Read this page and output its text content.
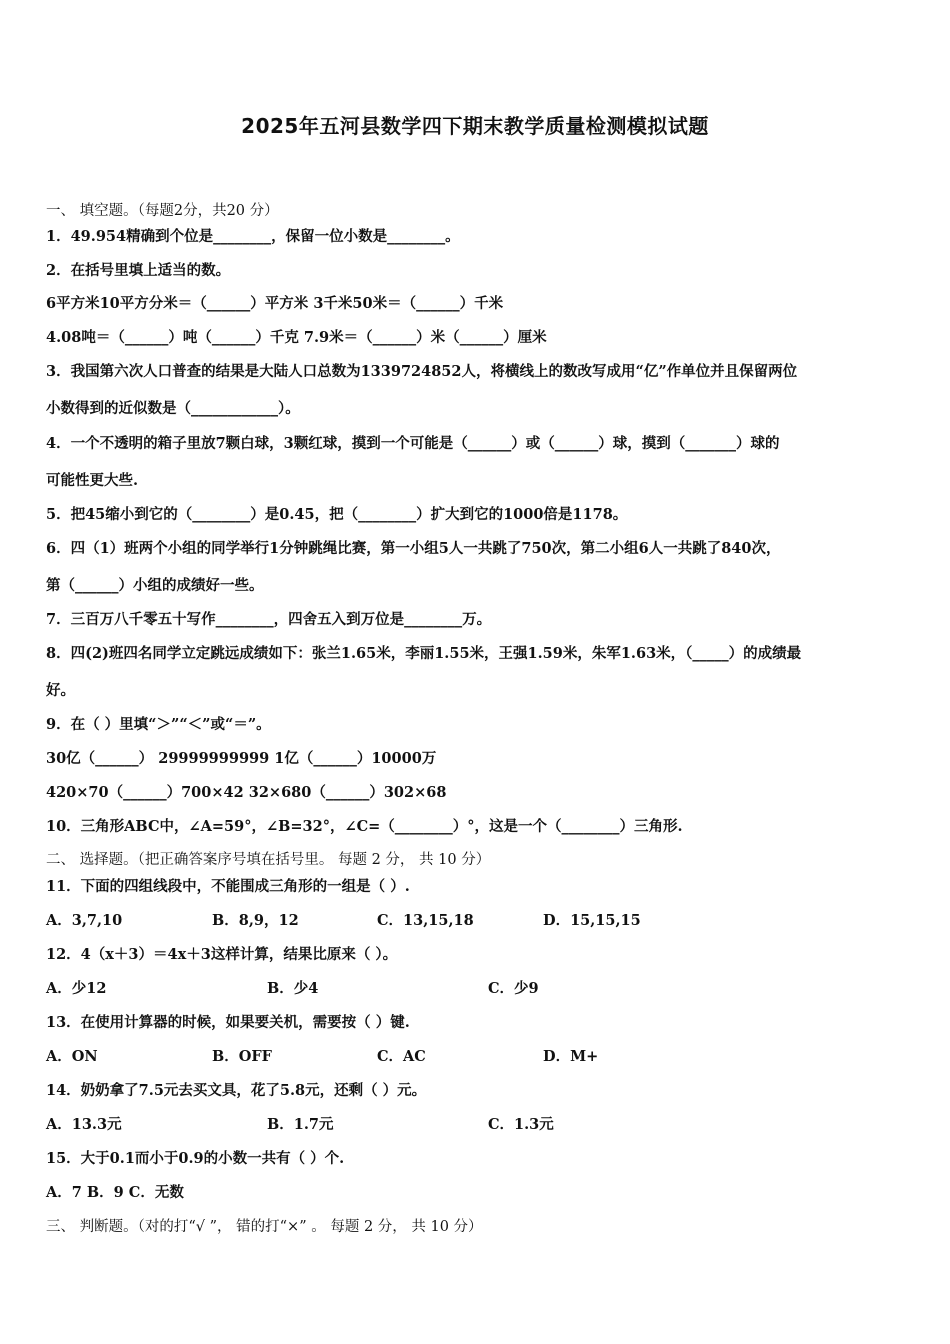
2025年五河县数学四下期末教学质量检测模拟试题
一、 填空题。（每题2分，共20 分）
1．49.954精确到个位是________，保留一位小数是________。
2．在括号里填上适当的数。
6平方米10平方分米＝（______）平方米 3千米50米＝（______）千米
4.08吨＝（______）吨（______）千克 7.9米＝（______）米（______）厘米
3．我国第六次人口普查的结果是大陆人口总数为1339724852人，将横线上的数改写成用“亿”作单位并且保留两位
小数得到的近似数是（____________）。
4．一个不透明的箱子里放7颗白球，3颗红球，摸到一个可能是（______）或（______）球，摸到（_______）球的
可能性更大些.
5．把45缩小到它的（________）是0.45，把（________）扩大到它的1000倍是1178。
6．四（1）班两个小组的同学举行1分钟跳绳比赛，第一小组5人一共跳了750次，第二小组6人一共跳了840次，
第（______）小组的成绩好一些。
7．三百万八千零五十写作________，四舍五入到万位是________万。
8．四(2)班四名同学立定跳远成绩如下：张兰1.65米，李丽1.55米，王强1.59米，朱军1.63米，（_____）的成绩最
好。
9．在（ ）里填“＞”“＜”或“＝”。
30亿（______） 29999999999 1亿（______）10000万
420×70（______）700×42 32×680（______）302×68
10．三角形ABC中，∠A=59°，∠B=32°，∠C=（________）°，这是一个（________）三角形.
二、 选择题。（把正确答案序号填在括号里。 每题 2 分， 共 10 分）
11．下面的四组线段中，不能围成三角形的一组是（ ）.
A．3,7,10	B．8,9，12	C．13,15,18	D．15,15,15
12．4（x＋3）＝4x＋3这样计算，结果比原来（ ）。
A．少12	B．少4	C．少9
13．在使用计算器的时候，如果要关机，需要按（ ）键.
A．ON	B．OFF	C．AC	D．M+
14．奶奶拿了7.5元去买文具，花了5.8元，还剩（ ）元。
A．13.3元	B．1.7元	C．1.3元
15．大于0.1而小于0.9的小数一共有（ ）个.
A．7 B．9 C．无数
三、 判断题。（对的打“√ ”， 错的打“×” 。 每题 2 分， 共 10 分）
